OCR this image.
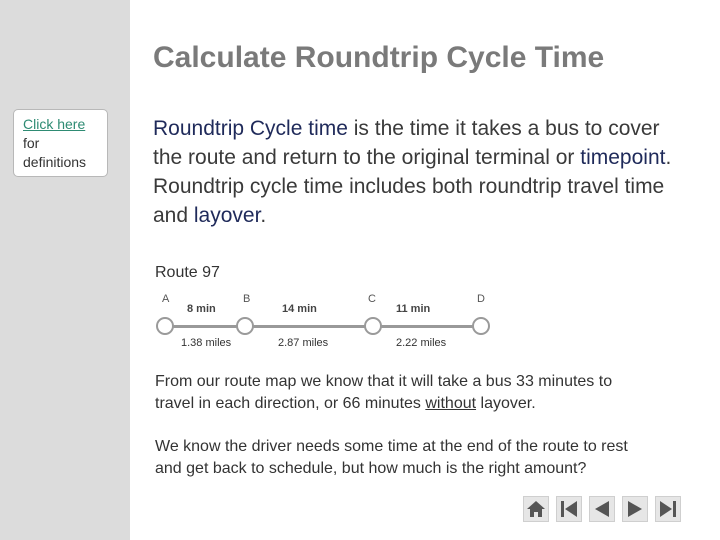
Click here
for definitions
Calculate Roundtrip Cycle Time
Roundtrip Cycle time is the time it takes a bus to cover the route and return to the original terminal or timepoint. Roundtrip cycle time includes both roundtrip travel time and layover.
Route 97
A	B	C	D
8 min	14 min	11 min
1.38 miles	2.87 miles	2.22 miles
From our route map we know that it will take a bus 33 minutes to travel in each direction, or 66 minutes without layover.
We know the driver needs some time at the end of the route to rest and get back to schedule, but how much is the right amount?
